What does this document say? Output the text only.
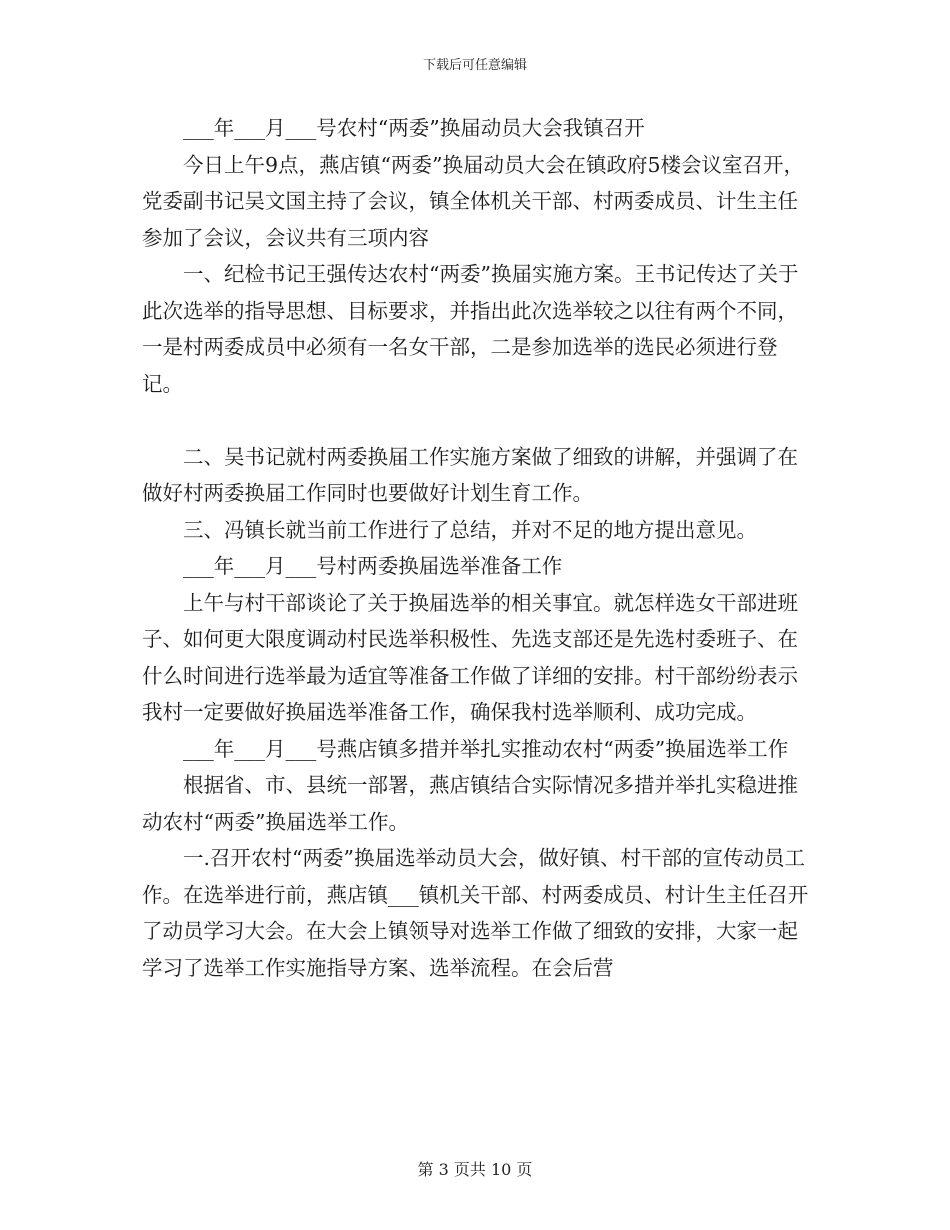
下载后可任意编辑

___年___月___号农村“两委”换届动员大会我镇召开

今日上午9点，燕店镇“两委”换届动员大会在镇政府5楼会议室召开，党委副书记吴文国主持了会议，镇全体机关干部、村两委成员、计生主任参加了会议，会议共有三项内容

一、纪检书记王强传达农村“两委”换届实施方案。王书记传达了关于此次选举的指导思想、目标要求，并指出此次选举较之以往有两个不同，一是村两委成员中必须有一名女干部，二是参加选举的选民必须进行登记。

二、吴书记就村两委换届工作实施方案做了细致的讲解，并强调了在做好村两委换届工作同时也要做好计划生育工作。

三、冯镇长就当前工作进行了总结，并对不足的地方提出意见。

___年___月___号村两委换届选举准备工作

上午与村干部谈论了关于换届选举的相关事宜。就怎样选女干部进班子、如何更大限度调动村民选举积极性、先选支部还是先选村委班子、在什么时间进行选举最为适宜等准备工作做了详细的安排。村干部纷纷表示我村一定要做好换届选举准备工作，确保我村选举顺利、成功完成。

___年___月___号燕店镇多措并举扎实推动农村“两委”换届选举工作

根据省、市、县统一部署，燕店镇结合实际情况多措并举扎实稳进推动农村“两委”换届选举工作。

一.召开农村“两委”换届选举动员大会，做好镇、村干部的宣传动员工作。在选举进行前，燕店镇___镇机关干部、村两委成员、村计生主任召开了动员学习大会。在大会上镇领导对选举工作做了细致的安排，大家一起学习了选举工作实施指导方案、选举流程。在会后营

第 3 页共 10 页
